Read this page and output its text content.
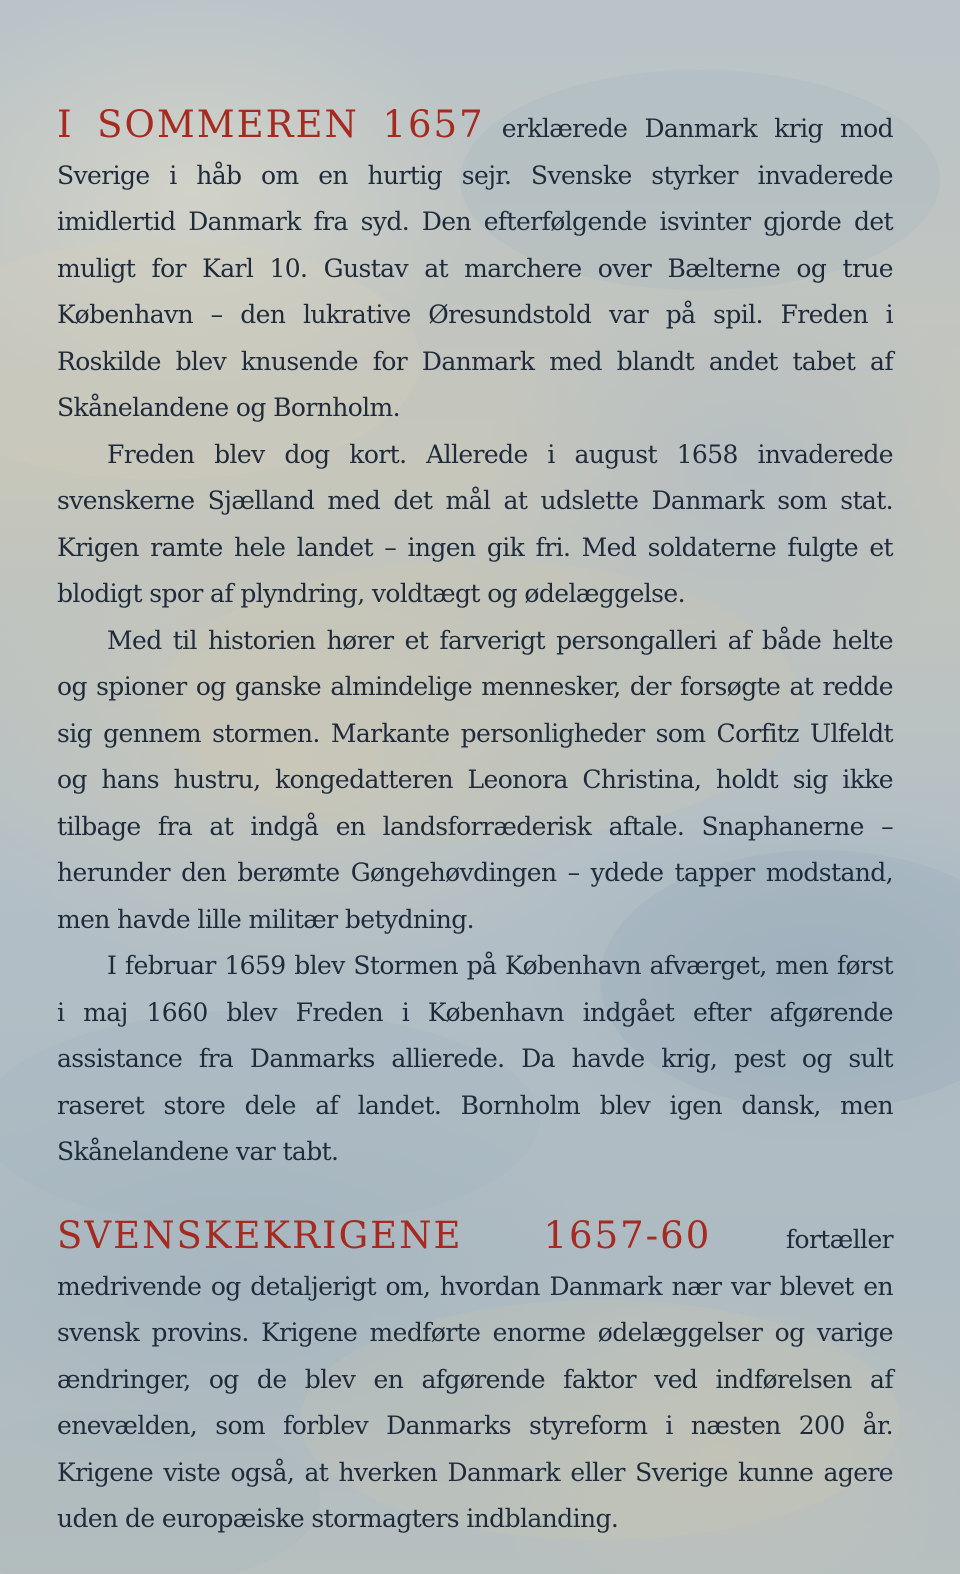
I SOMMEREN 1657 erklærede Danmark krig mod Sverige i håb om en hurtig sejr. Svenske styrker invaderede imidlertid Danmark fra syd. Den efterfølgende isvinter gjorde det muligt for Karl 10. Gustav at marchere over Bælterne og true København – den lukrative Øresundstold var på spil. Freden i Roskilde blev knusende for Danmark med blandt andet tabet af Skånelandene og Bornholm.

Freden blev dog kort. Allerede i august 1658 invaderede svenskerne Sjælland med det mål at udslette Danmark som stat. Krigen ramte hele landet – ingen gik fri. Med soldaterne fulgte et blodigt spor af plyndring, voldtægt og ødelæggelse.

Med til historien hører et farverigt persongalleri af både helte og spioner og ganske almindelige mennesker, der forsøgte at redde sig gennem stormen. Markante personligheder som Corfitz Ulfeldt og hans hustru, kongedatteren Leonora Christina, holdt sig ikke tilbage fra at indgå en landsforræderisk aftale. Snaphanerne – herunder den berømte Gøngehøvdingen – ydede tapper modstand, men havde lille militær betydning.

I februar 1659 blev Stormen på København afværget, men først i maj 1660 blev Freden i København indgået efter afgørende assistance fra Danmarks allierede. Da havde krig, pest og sult raseret store dele af landet. Bornholm blev igen dansk, men Skånelandene var tabt.

SVENSKEKRIGENE 1657-60 fortæller medrivende og detaljerigt om, hvordan Danmark nær var blevet en svensk provins. Krigene medførte enorme ødelæggelser og varige ændringer, og de blev en afgørende faktor ved indførelsen af enevælden, som forblev Danmarks styreform i næsten 200 år. Krigene viste også, at hverken Danmark eller Sverige kunne agere uden de europæiske stormagters indblanding.
